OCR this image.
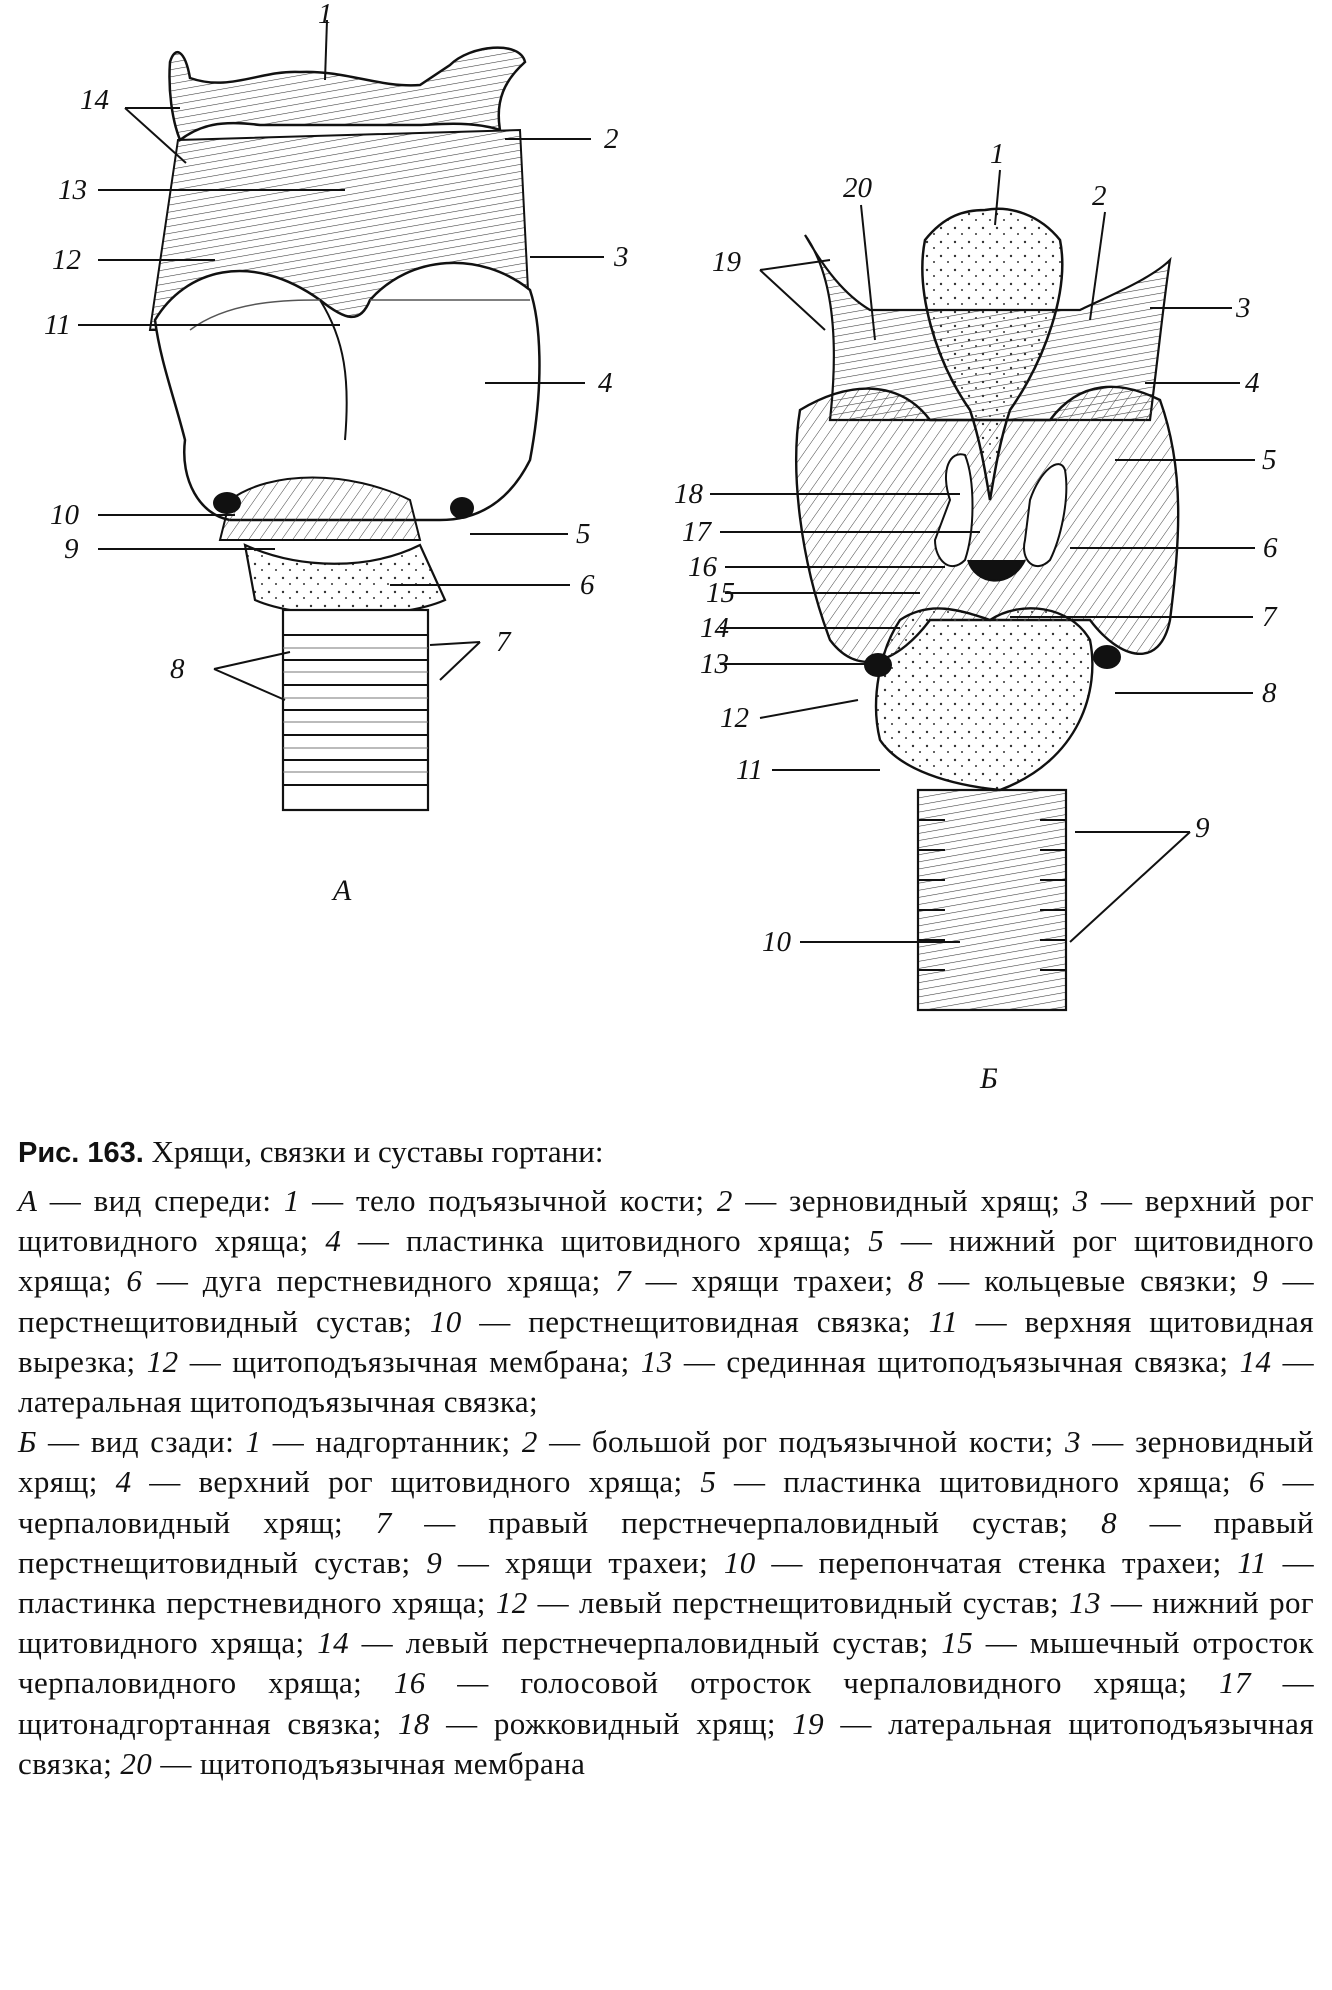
1
2
3
4
5
6
7
8
9
10
11
12
13
14
А
1
2
3
4
5
6
7
8
9
10
11
12
13
14
15
16
17
18
19
20
Б
Рис. 163. Хрящи, связки и суставы гортани:
А — вид спереди: 1 — тело подъязычной кости; 2 — зерновидный хрящ; 3 — верхний рог щитовидного хряща; 4 — пластинка щитовидного хряща; 5 — нижний рог щитовидного хряща; 6 — дуга перстневидного хряща; 7 — хрящи трахеи; 8 — кольцевые связки; 9 — перстнещитовидный сустав; 10 — перстнещитовидная связка; 11 — верхняя щитовидная вырезка; 12 — щитоподъязычная мембрана; 13 — срединная щитоподъязычная связка; 14 — латеральная щитоподъязычная связка;
Б — вид сзади: 1 — надгортанник; 2 — большой рог подъязычной кости; 3 — зерновидный хрящ; 4 — верхний рог щитовидного хряща; 5 — пластинка щитовидного хряща; 6 — черпаловидный хрящ; 7 — правый перстнечерпаловидный сустав; 8 — правый перстнещитовидный сустав; 9 — хрящи трахеи; 10 — перепончатая стенка трахеи; 11 — пластинка перстневидного хряща; 12 — левый перстнещитовидный сустав; 13 — нижний рог щитовидного хряща; 14 — левый перстнечерпаловидный сустав; 15 — мышечный отросток черпаловидного хряща; 16 — голосовой отросток черпаловидного хряща; 17 — щитонадгортанная связка; 18 — рожковидный хрящ; 19 — латеральная щитоподъязычная связка; 20 — щитоподъязычная мембрана
